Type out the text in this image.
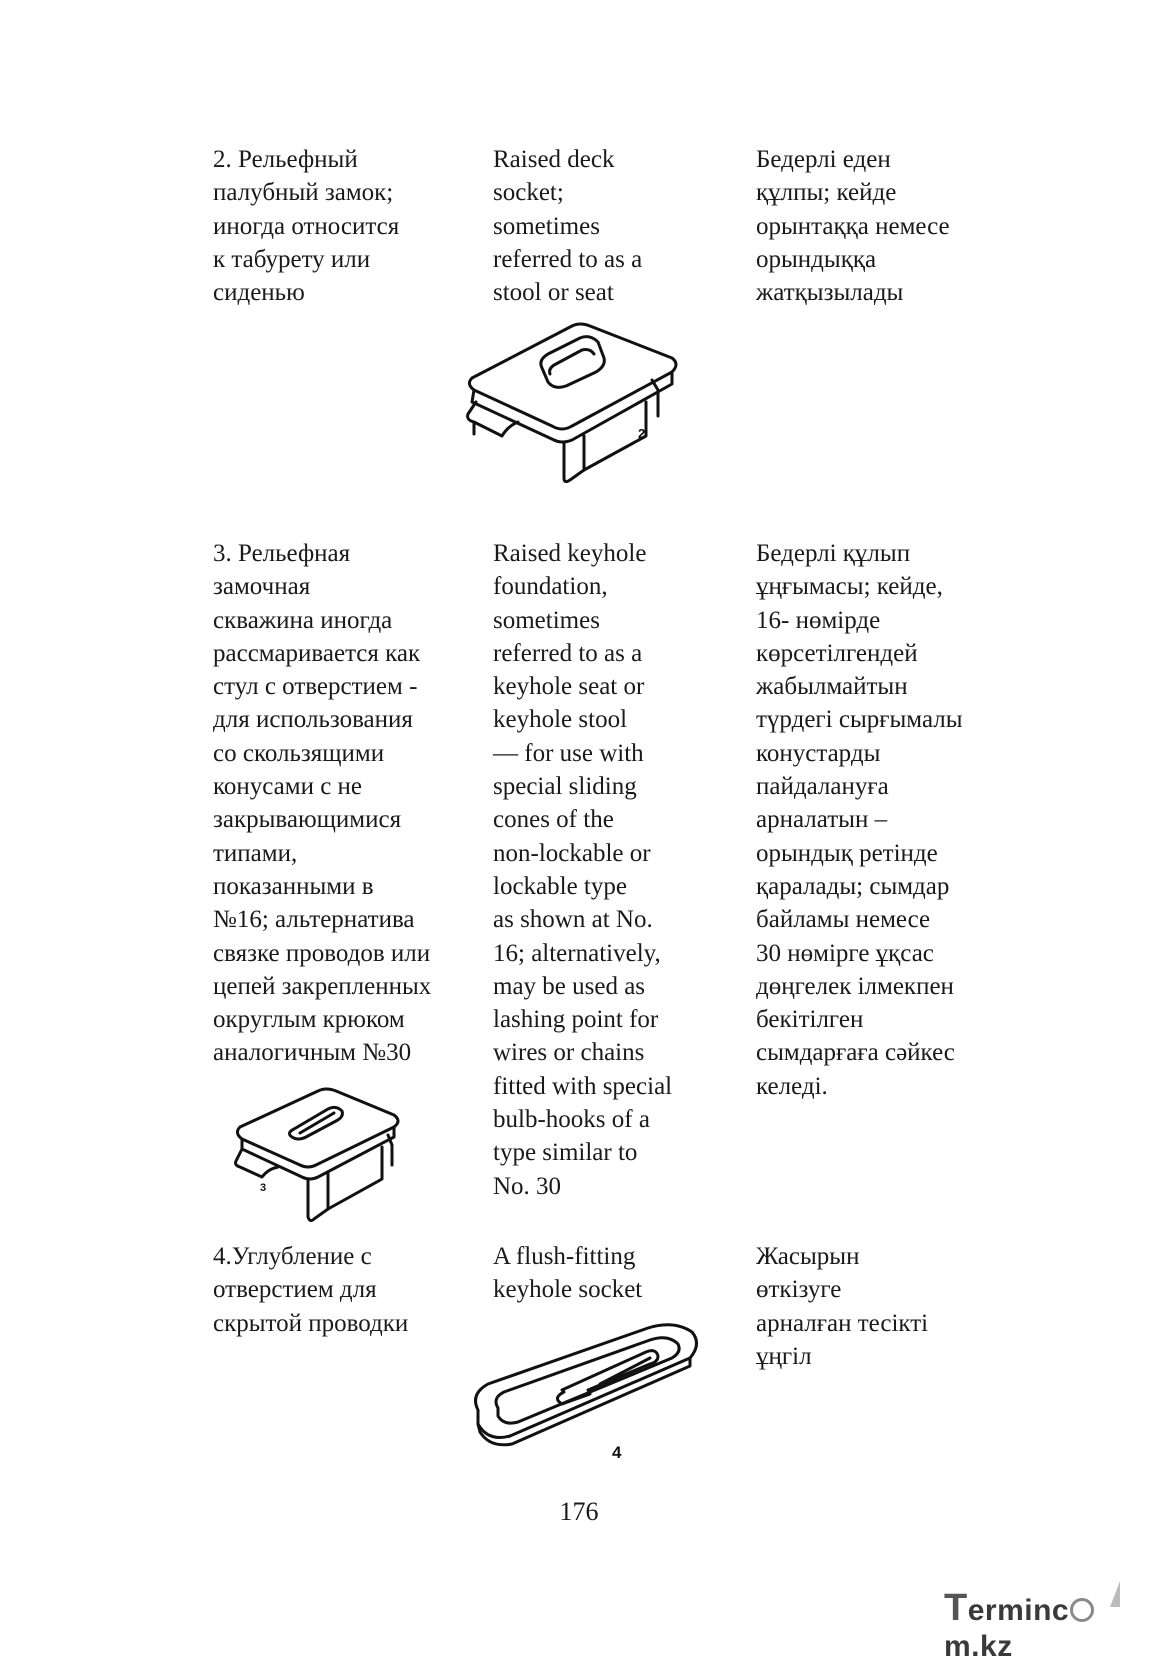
2. Рельефный
палубный замок;
иногда относится
к табурету или
сиденью

Raised deck
socket;
sometimes
referred to as a
stool or seat

Бедерлі еден
құлпы; кейде
орынтаққа немесе
орындыққа
жатқызылады

2

3. Рельефная
замочная
скважина иногда
рассмаривается как
стул с отверстием -
для использования
со скользящими
конусами с не
закрывающимися
типами,
показанными в
№16; альтернатива
связке проводов или
цепей закрепленных
округлым крюком
аналогичным №30

Raised keyhole
foundation,
sometimes
referred to as a
keyhole seat or
keyhole stool
— for use with
special sliding
cones of the
non-lockable or
lockable type
as shown at No.
16; alternatively,
may be used as
lashing point for
wires or chains
fitted with special
bulb-hooks of a
type similar to
No. 30

Бедерлі құлып
ұңғымасы; кейде,
16- нөмірде
көрсетілгендей
жабылмайтын
түрдегі сырғымалы
конустарды
пайдалануға
арналатын –
орындық ретінде
қаралады; сымдар
байламы немесе
30 нөмірге ұқсас
дөңгелек ілмекпен
бекітілген
сымдарғаға сәйкес
келеді.

3

4.Углубление с
отверстием для
скрытой проводки

A flush-fitting
keyhole socket

Жасырын
өткізуге
арналған тесікті
ұңгіл

4
176
Termincm.kz
